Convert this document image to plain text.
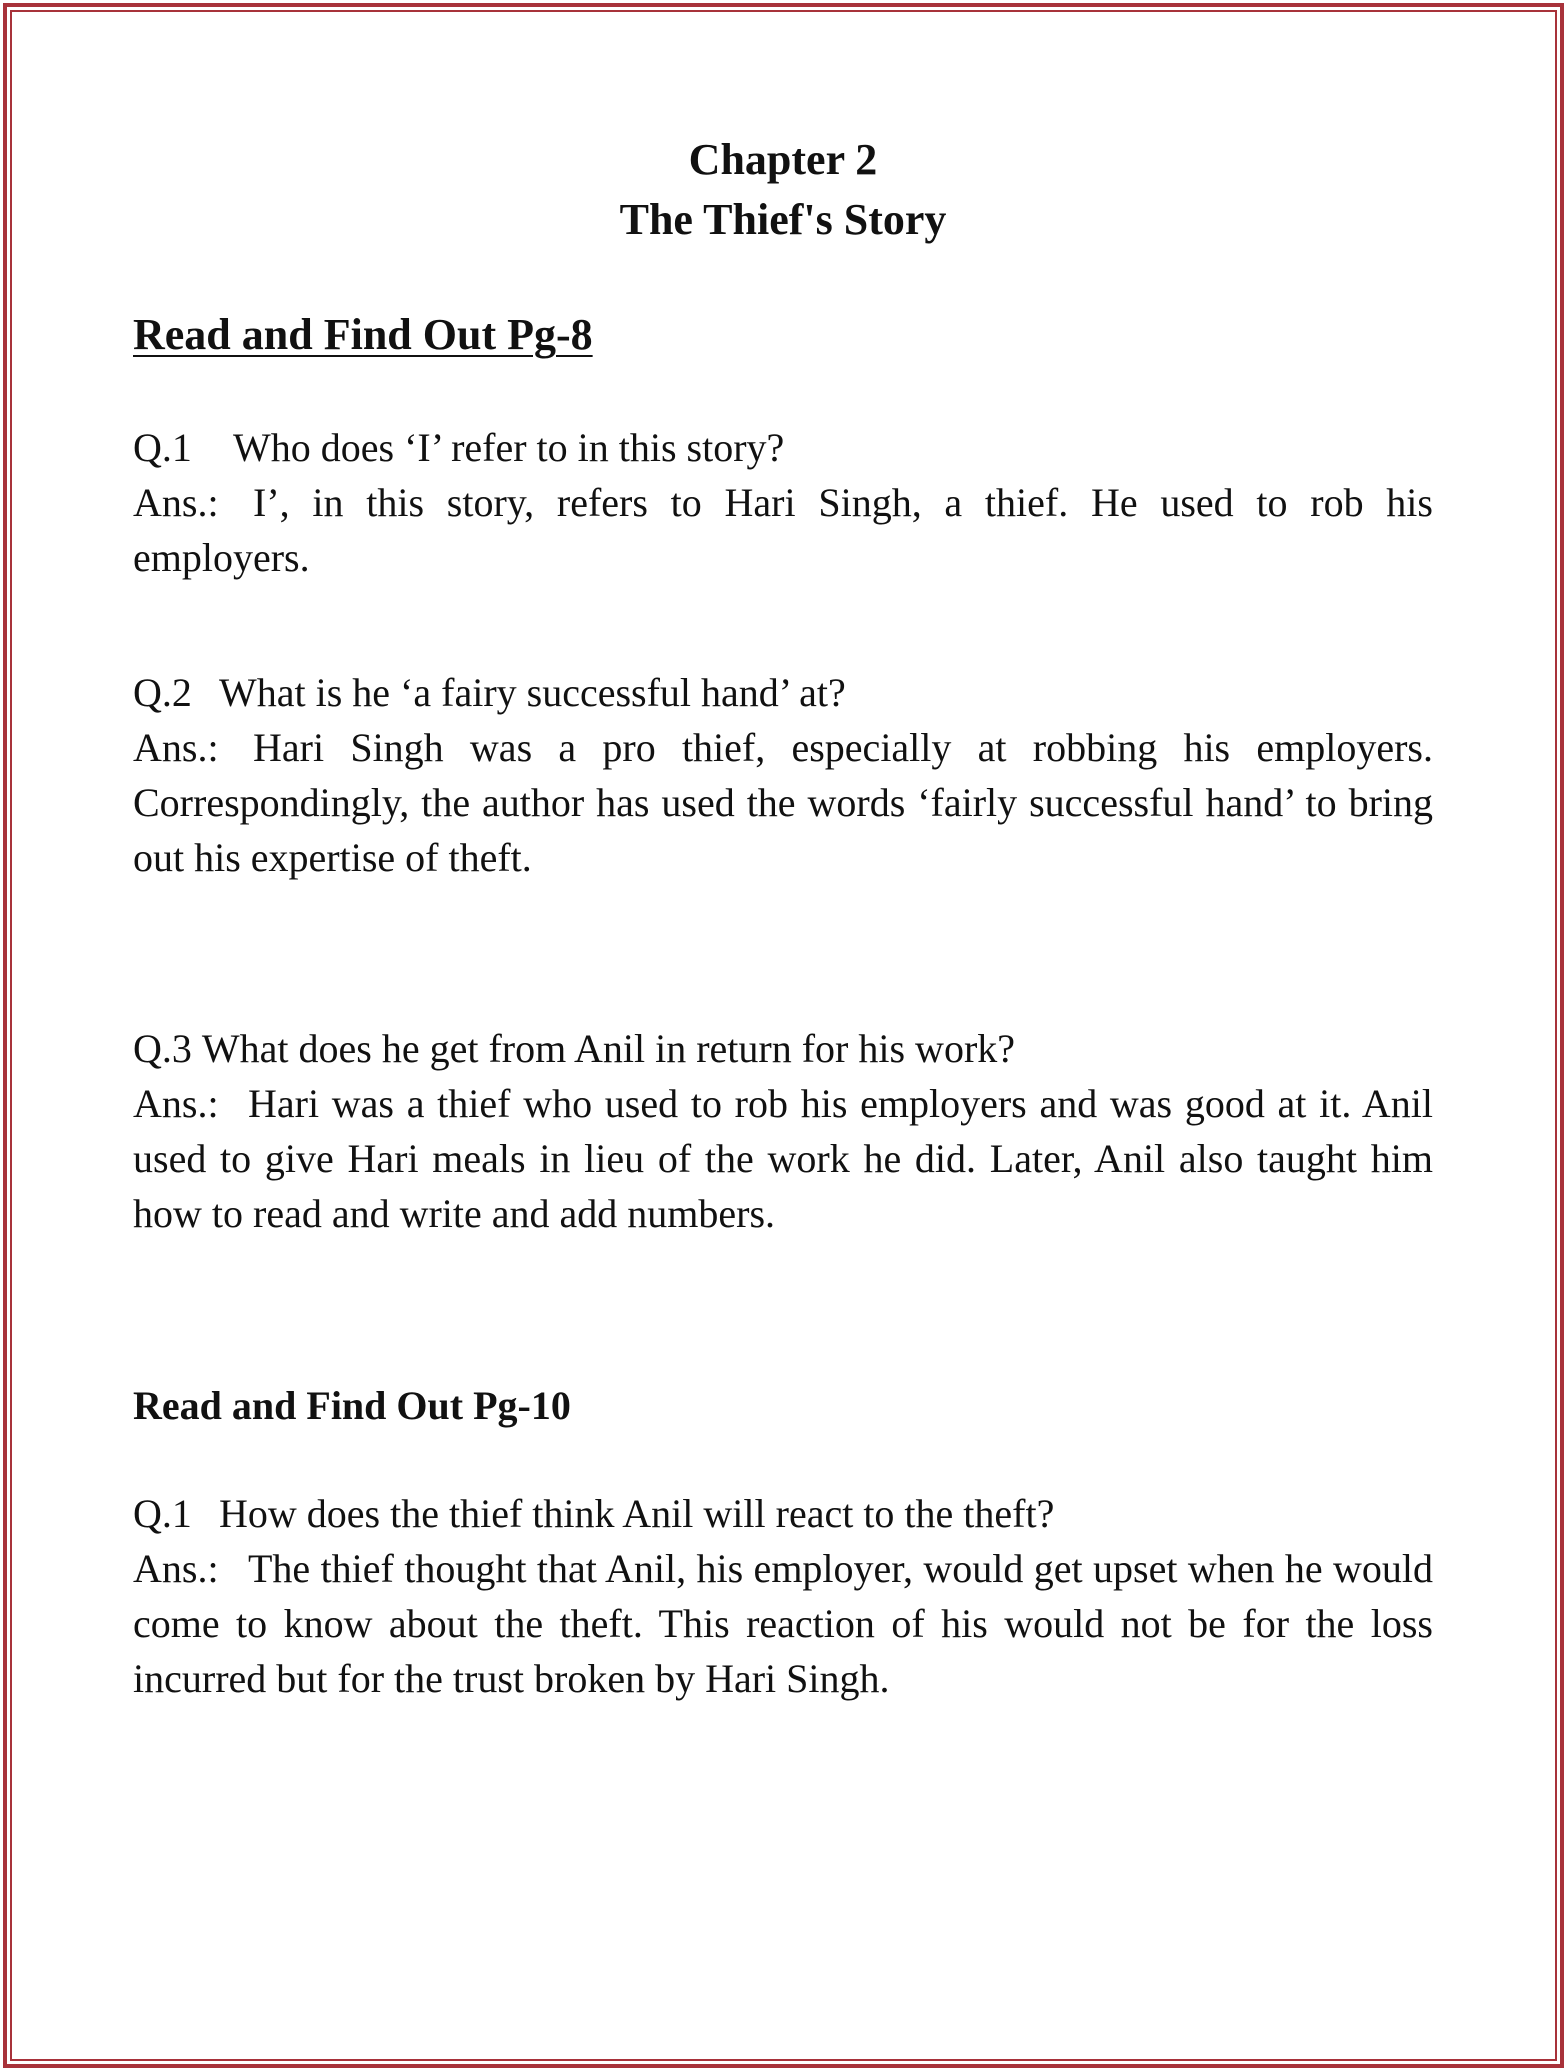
Chapter 2

The Thief's Story

Read and Find Out Pg-8

Q.1 Who does ‘I’ refer to in this story?

Ans.: I’, in this story, refers to Hari Singh, a thief. He used to rob his employers.

Q.2 What is he ‘a fairy successful hand’ at?

Ans.: Hari Singh was a pro thief, especially at robbing his employers. Correspondingly, the author has used the words ‘fairly successful hand’ to bring out his expertise of theft.

Q.3 What does he get from Anil in return for his work?

Ans.: Hari was a thief who used to rob his employers and was good at it. Anil used to give Hari meals in lieu of the work he did. Later, Anil also taught him how to read and write and add numbers.

Read and Find Out Pg-10

Q.1 How does the thief think Anil will react to the theft?

Ans.: The thief thought that Anil, his employer, would get upset when he would come to know about the theft. This reaction of his would not be for the loss incurred but for the trust broken by Hari Singh.
